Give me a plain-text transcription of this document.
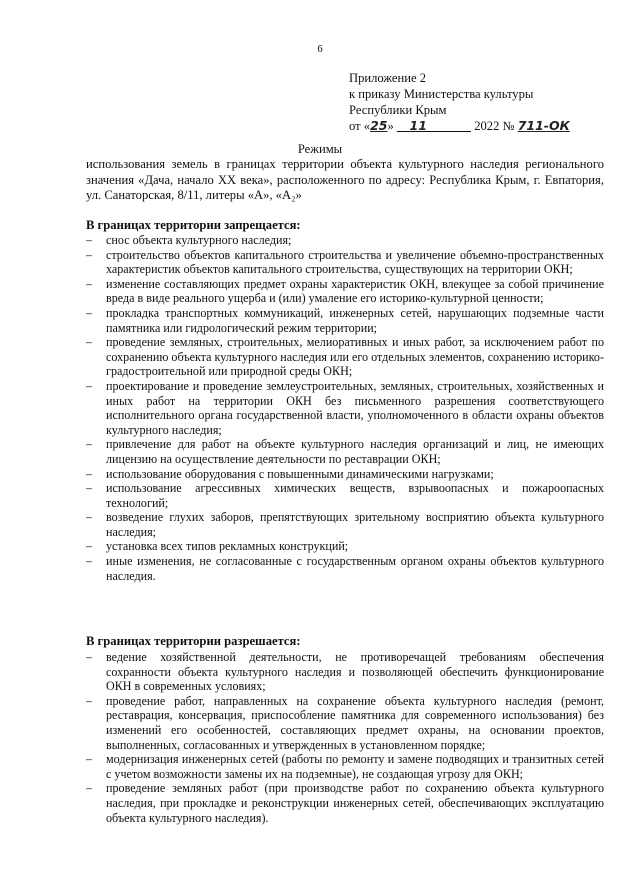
6
Приложение 2
к приказу Министерства культуры
Республики Крым
от «25» 11	2022 № 711-ОК
Режимы
использования земель в границах территории объекта культурного наследия регионального значения «Дача, начало XX века», расположенного по адресу: Республика Крым, г. Евпатория, ул. Санаторская, 8/11, литеры «А», «А₂»
В границах территории запрещается:
– снос объекта культурного наследия;
– строительство объектов капитального строительства и увеличение объемно-пространственных характеристик объектов капитального строительства, существующих на территории ОКН;
– изменение составляющих предмет охраны характеристик ОКН, влекущее за собой причинение вреда в виде реального ущерба и (или) умаление его историко-культурной ценности;
– прокладка транспортных коммуникаций, инженерных сетей, нарушающих подземные части памятника или гидрологический режим территории;
– проведение земляных, строительных, мелиоративных и иных работ, за исключением работ по сохранению объекта культурного наследия или его отдельных элементов, сохранению историко-градостроительной или природной среды ОКН;
– проектирование и проведение землеустроительных, земляных, строительных, хозяйственных и иных работ на территории ОКН без письменного разрешения соответствующего исполнительного органа государственной власти, уполномоченного в области охраны объектов культурного наследия;
– привлечение для работ на объекте культурного наследия организаций и лиц, не имеющих лицензию на осуществление деятельности по реставрации ОКН;
– использование оборудования с повышенными динамическими нагрузками;
– использование агрессивных химических веществ, взрывоопасных и пожароопасных технологий;
– возведение глухих заборов, препятствующих зрительному восприятию объекта культурного наследия;
– установка всех типов рекламных конструкций;
– иные изменения, не согласованные с государственным органом охраны объектов культурного наследия.
В границах территории разрешается:
– ведение хозяйственной деятельности, не противоречащей требованиям обеспечения сохранности объекта культурного наследия и позволяющей обеспечить функционирование ОКН в современных условиях;
– проведение работ, направленных на сохранение объекта культурного наследия (ремонт, реставрация, консервация, приспособление памятника для современного использования) без изменений его особенностей, составляющих предмет охраны, на основании проектов, выполненных, согласованных и утвержденных в установленном порядке;
– модернизация инженерных сетей (работы по ремонту и замене подводящих и транзитных сетей с учетом возможности замены их на подземные), не создающая угрозу для ОКН;
– проведение земляных работ (при производстве работ по сохранению объекта культурного наследия, при прокладке и реконструкции инженерных сетей, обеспечивающих эксплуатацию объекта культурного наследия).
